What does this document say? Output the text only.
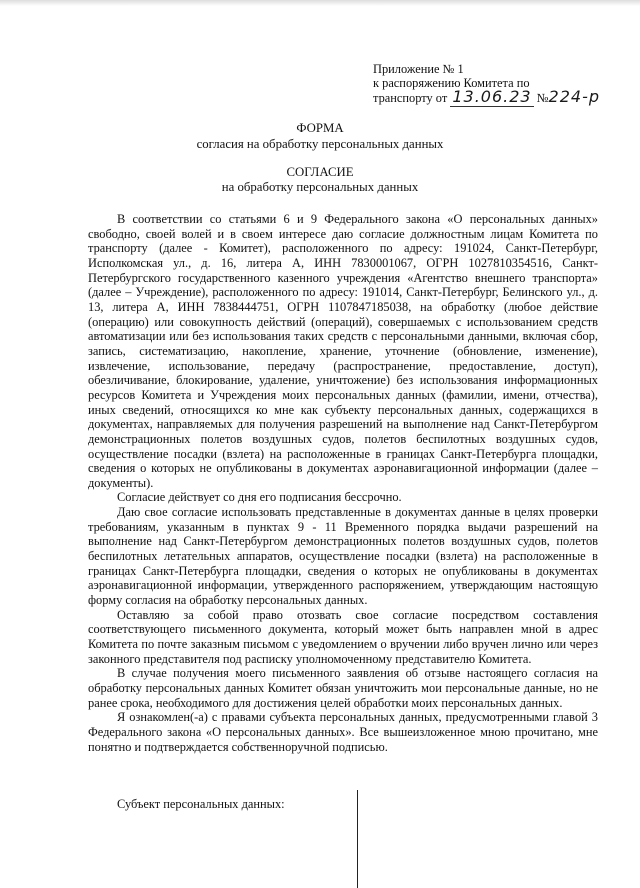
Приложение № 1
к распоряжению Комитета по
транспорту от 13.06.23 №224-р
ФОРМА
согласия на обработку персональных данных
СОГЛАСИЕ
на обработку персональных данных

В соответствии со статьями 6 и 9 Федерального закона «О персональных данных» свободно, своей волей и в своем интересе даю согласие должностным лицам Комитета по транспорту (далее - Комитет), расположенного по адресу: 191024, Санкт-Петербург, Исполкомская ул., д. 16, литера А, ИНН 7830001067, ОГРН 1027810354516, Санкт-Петербургского государственного казенного учреждения «Агентство внешнего транспорта» (далее – Учреждение), расположенного по адресу: 191014, Санкт-Петербург, Белинского ул., д. 13, литера А, ИНН 7838444751, ОГРН 1107847185038, на обработку (любое действие (операцию) или совокупность действий (операций), совершаемых с использованием средств автоматизации или без использования таких средств с персональными данными, включая сбор, запись, систематизацию, накопление, хранение, уточнение (обновление, изменение), извлечение, использование, передачу (распространение, предоставление, доступ), обезличивание, блокирование, удаление, уничтожение) без использования информационных ресурсов Комитета и Учреждения моих персональных данных (фамилии, имени, отчества), иных сведений, относящихся ко мне как субъекту персональных данных, содержащихся в документах, направляемых для получения разрешений на выполнение над Санкт-Петербургом демонстрационных полетов воздушных судов, полетов беспилотных воздушных судов, осуществление посадки (взлета) на расположенные в границах Санкт-Петербурга площадки, сведения о которых не опубликованы в документах аэронавигационной информации (далее – документы).

Согласие действует со дня его подписания бессрочно.

Даю свое согласие использовать представленные в документах данные в целях проверки требованиям, указанным в пунктах 9 - 11 Временного порядка выдачи разрешений на выполнение над Санкт-Петербургом демонстрационных полетов воздушных судов, полетов беспилотных летательных аппаратов, осуществление посадки (взлета) на расположенные в границах Санкт-Петербурга площадки, сведения о которых не опубликованы в документах аэронавигационной информации, утвержденного распоряжением, утверждающим настоящую форму согласия на обработку персональных данных.

Оставляю за собой право отозвать свое согласие посредством составления соответствующего письменного документа, который может быть направлен мной в адрес Комитета по почте заказным письмом с уведомлением о вручении либо вручен лично или через законного представителя под расписку уполномоченному представителю Комитета.

В случае получения моего письменного заявления об отзыве настоящего согласия на обработку персональных данных Комитет обязан уничтожить мои персональные данные, но не ранее срока, необходимого для достижения целей обработки моих персональных данных.

Я ознакомлен(-а) с правами субъекта персональных данных, предусмотренными главой 3 Федерального закона «О персональных данных». Все вышеизложенное мною прочитано, мне понятно и подтверждается собственноручной подписью.

Субъект персональных данных:
